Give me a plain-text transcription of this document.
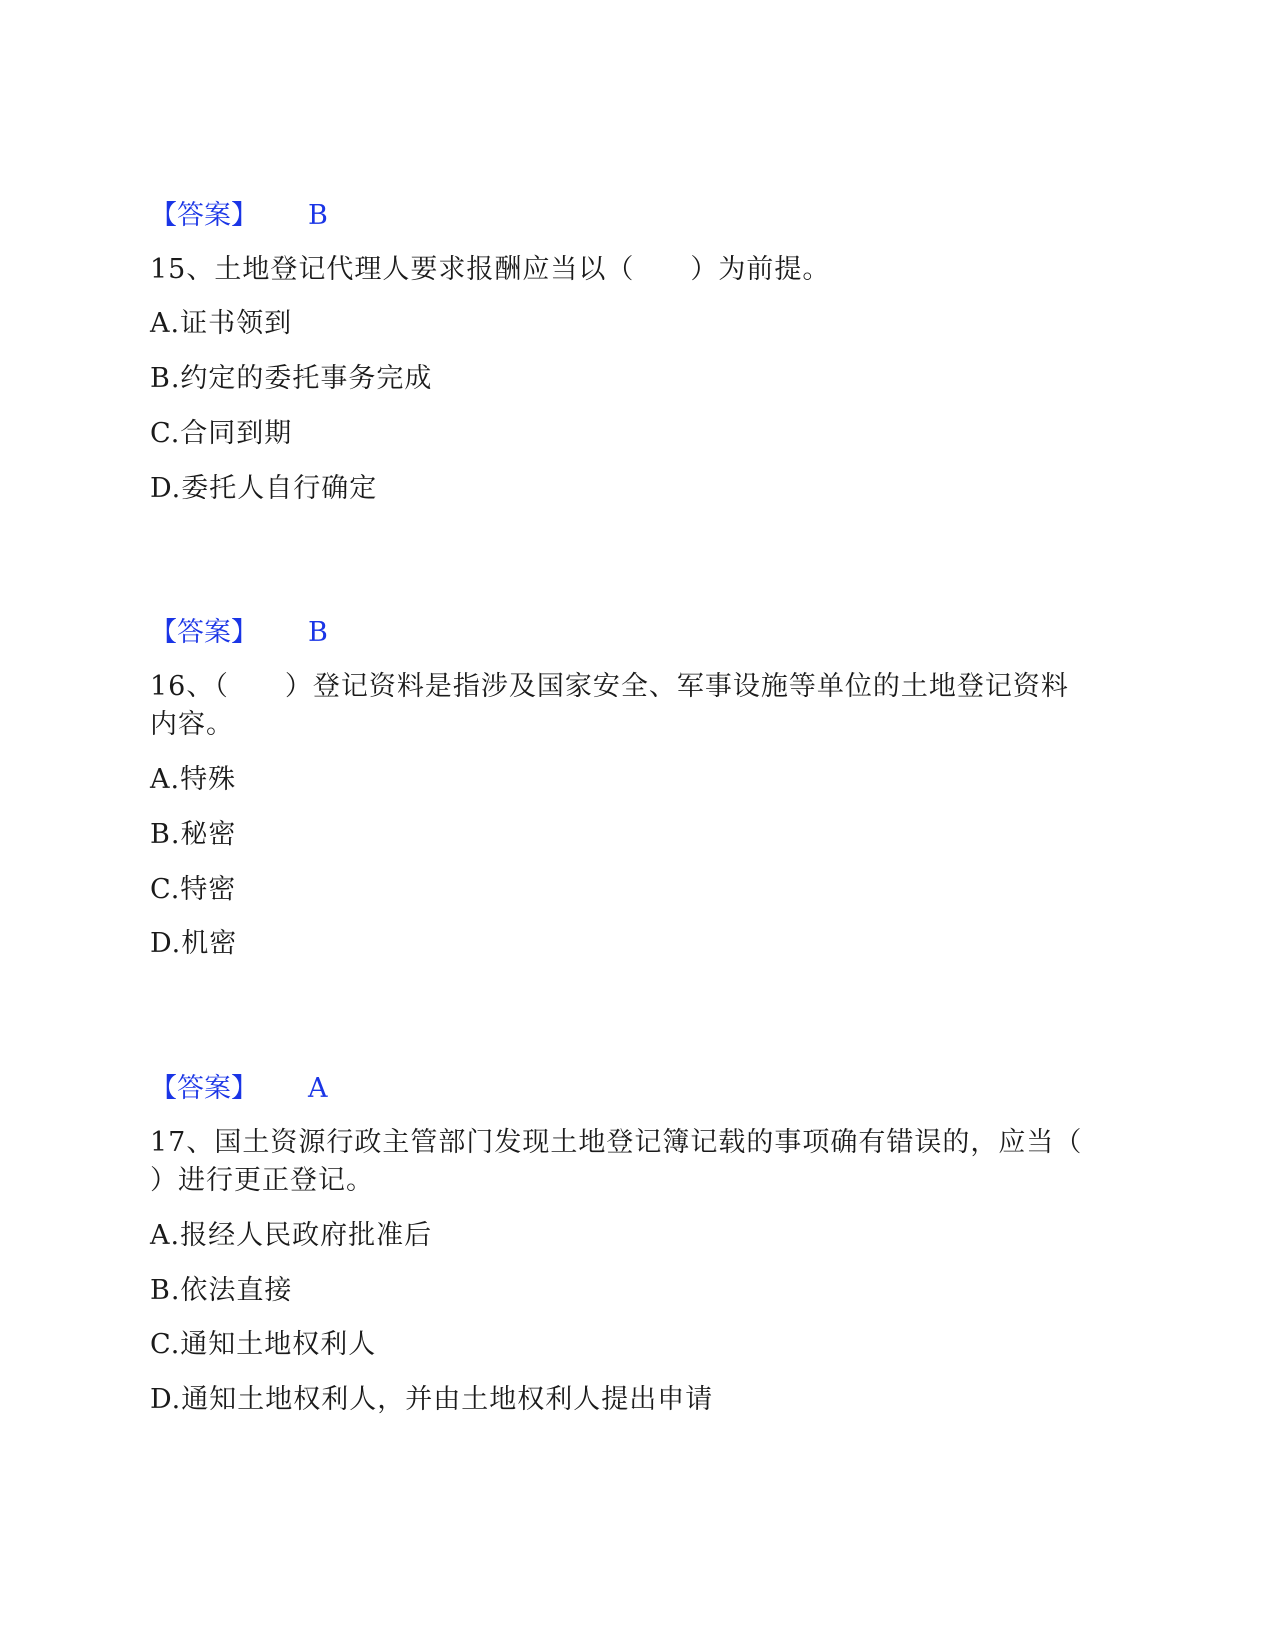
【答案】 B
15、土地登记代理人要求报酬应当以（　　）为前提。
A.证书领到
B.约定的委托事务完成
C.合同到期
D.委托人自行确定
【答案】 B
16、（　　）登记资料是指涉及国家安全、军事设施等单位的土地登记资料
内容。
A.特殊
B.秘密
C.特密
D.机密
【答案】 A
17、国土资源行政主管部门发现土地登记簿记载的事项确有错误的，应当（
）进行更正登记。
A.报经人民政府批准后
B.依法直接
C.通知土地权利人
D.通知土地权利人，并由土地权利人提出申请
